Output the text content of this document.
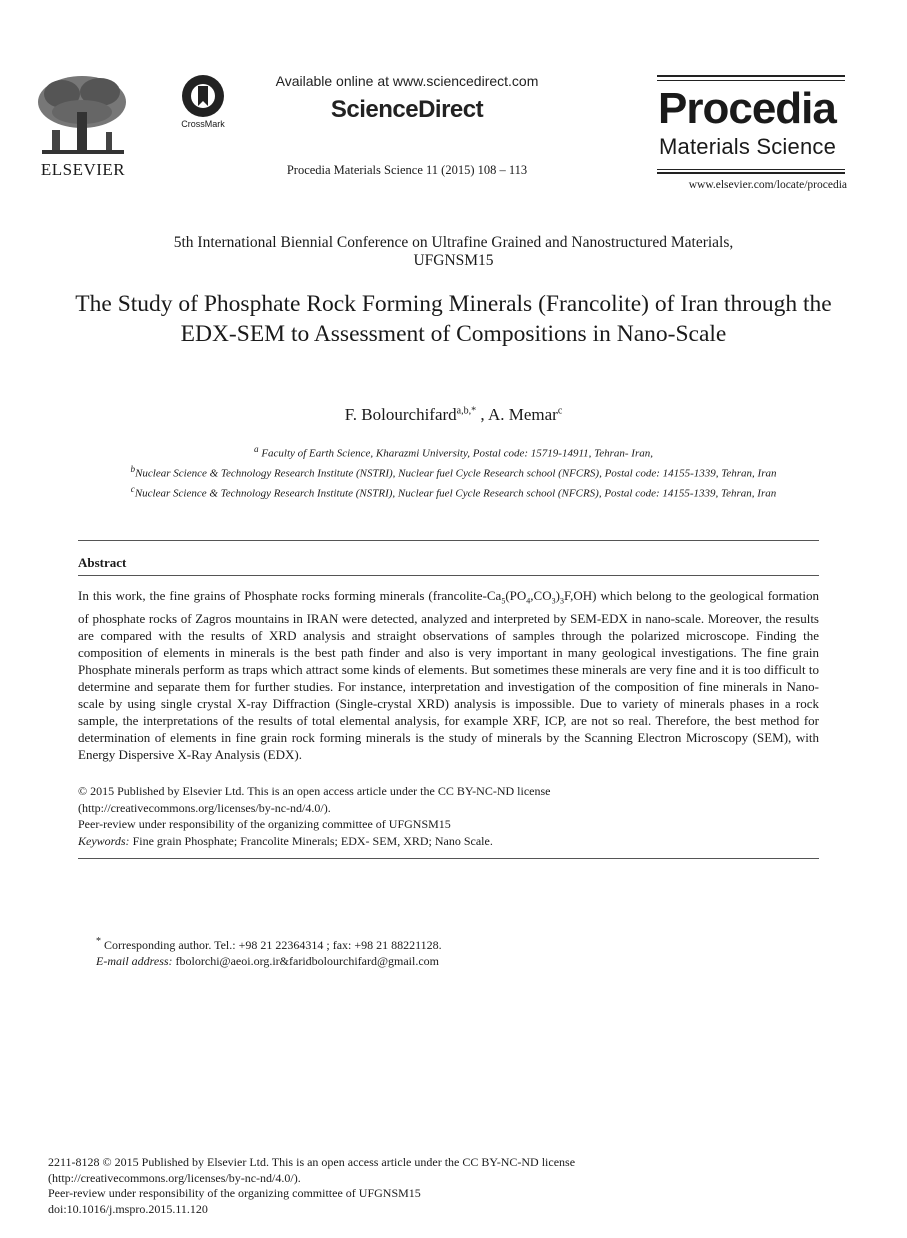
ELSEVIER
CrossMark
Available online at www.sciencedirect.com
ScienceDirect
Procedia Materials Science 11 (2015) 108 – 113
Procedia
Materials Science
www.elsevier.com/locate/procedia
5th International Biennial Conference on Ultrafine Grained and Nanostructured Materials,
UFGNSM15
The Study of Phosphate Rock Forming Minerals (Francolite) of Iran through the EDX-SEM to Assessment of Compositions in Nano-Scale
F. Bolourchifard$^{a,b,*}$ , A. Memar$^c$
$^a$ Faculty of Earth Science, Kharazmi University, Postal code: 15719-14911, Tehran- Iran,
$^b$Nuclear Science & Technology Research Institute (NSTRI), Nuclear fuel Cycle Research school (NFCRS), Postal code: 14155-1339, Tehran, Iran
$^c$Nuclear Science & Technology Research Institute (NSTRI), Nuclear fuel Cycle Research school (NFCRS), Postal code: 14155-1339, Tehran, Iran
Abstract
In this work, the fine grains of Phosphate rocks forming minerals $(francolite-Ca_5(PO_4,CO_3)_3F,OH)$ which belong to the geological formation of phosphate rocks of Zagros mountains in IRAN were detected, analyzed and interpreted by SEM-EDX in nano-scale. Moreover, the results are compared with the results of XRD analysis and straight observations of samples through the polarized microscope. Finding the composition of elements in minerals is the best path finder and also is very important in many geological investigations. The fine grain Phosphate minerals perform as traps which attract some kinds of elements. But sometimes these minerals are very fine and it is too difficult to determine and separate them for further studies. For instance, interpretation and investigation of the composition of fine minerals in Nano-scale by using single crystal X-ray Diffraction (Single-crystal XRD) analysis is impossible. Due to variety of minerals phases in a rock sample, the interpretations of the results of total elemental analysis, for example XRF, ICP, are not so real. Therefore, the best method for determination of elements in fine grain rock forming minerals is the study of minerals by the Scanning Electron Microscopy (SEM), with Energy Dispersive X-Ray Analysis (EDX).
© 2015 Published by Elsevier Ltd. This is an open access article under the CC BY-NC-ND license
(http://creativecommons.org/licenses/by-nc-nd/4.0/).
Peer-review under responsibility of the organizing committee of UFGNSM15
Keywords: Fine grain Phosphate; Francolite Minerals; EDX- SEM, XRD; Nano Scale.
* Corresponding author. Tel.: +98 21 22364314 ; fax: +98 21 88221128.
E-mail address: fbolorchi@aeoi.org.ir&faridbolourchifard@gmail.com
2211-8128 © 2015 Published by Elsevier Ltd. This is an open access article under the CC BY-NC-ND license
(http://creativecommons.org/licenses/by-nc-nd/4.0/).
Peer-review under responsibility of the organizing committee of UFGNSM15
doi:10.1016/j.mspro.2015.11.120
